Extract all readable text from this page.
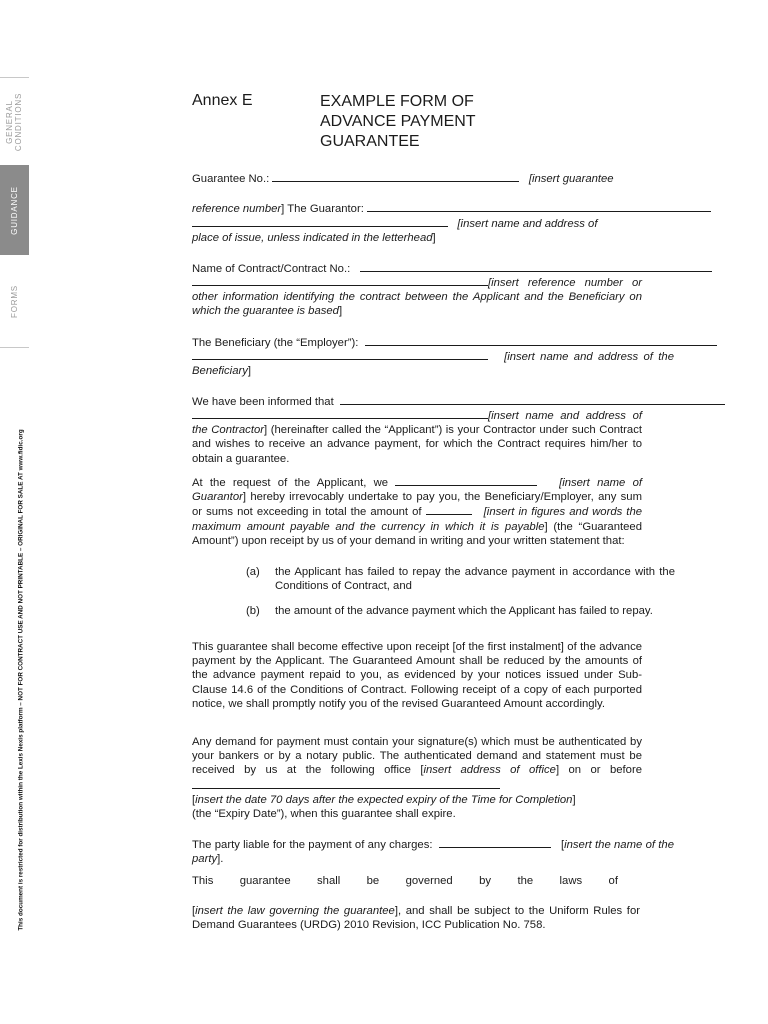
GENERAL CONDITIONS
GUIDANCE
FORMS
This document is restricted for distribution within the Lexis Nexis platform – NOT FOR CONTRACT USE AND NOT PRINTABLE – ORIGINAL FOR SALE AT www.fidic.org
Annex E	EXAMPLE FORM OF
ADVANCE PAYMENT
GUARANTEE
Guarantee No.:	[insert guarantee
reference number] The Guarantor:
[insert name and address of
place of issue, unless indicated in the letterhead]
Name of Contract/Contract No.:
[insert reference number or other information identifying the contract between the Applicant and the Beneficiary on which the guarantee is based]
The Beneficiary (the “Employer”):
[insert name and address of the Beneficiary]
We have been informed that
[insert name and address of the Contractor] (hereinafter called the “Applicant”) is your Contractor under such Contract and wishes to receive an advance payment, for which the Contract requires him/her to obtain a guarantee.
At the request of the Applicant, we	[insert name of Guarantor] hereby irrevocably undertake to pay you, the Beneficiary/Employer, any sum or sums not exceeding in total the amount of	[insert in figures and words the maximum amount payable and the currency in which it is payable] (the “Guaranteed Amount”) upon receipt by us of your demand in writing and your written statement that:
(a) the Applicant has failed to repay the advance payment in accordance with the Conditions of Contract, and
(b) the amount of the advance payment which the Applicant has failed to repay.
This guarantee shall become effective upon receipt [of the first instalment] of the advance payment by the Applicant. The Guaranteed Amount shall be reduced by the amounts of the advance payment repaid to you, as evidenced by your notices issued under Sub-Clause 14.6 of the Conditions of Contract. Following receipt of a copy of each purported notice, we shall promptly notify you of the revised Guaranteed Amount accordingly.
Any demand for payment must contain your signature(s) which must be authenticated by your bankers or by a notary public. The authenticated demand and statement must be received by us at the following office [insert address of office] on or before
[insert the date 70 days after the expected expiry of the Time for Completion]
(the “Expiry Date”), when this guarantee shall expire.
The party liable for the payment of any charges:	[insert the name of the party].
This guarantee shall be governed by the laws of
[insert the law governing the guarantee], and shall be subject to the Uniform Rules for Demand Guarantees (URDG) 2010 Revision, ICC Publication No. 758.
